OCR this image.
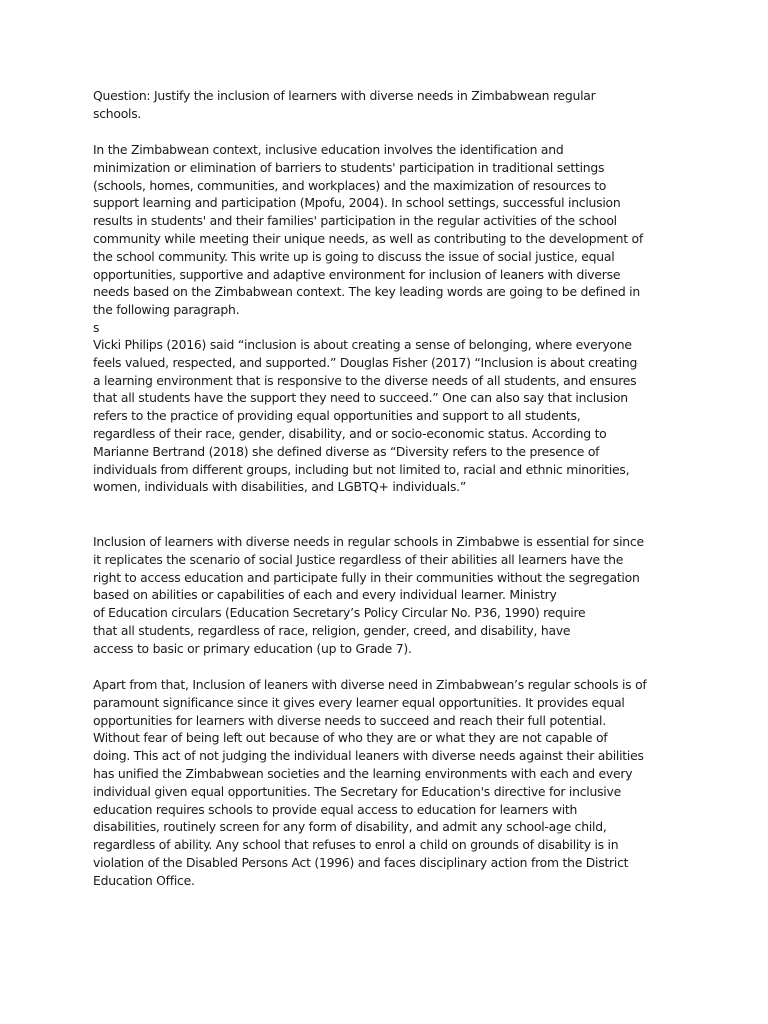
Question: Justify the inclusion of learners with diverse needs in Zimbabwean regular
schools.
In the Zimbabwean context, inclusive education involves the identification and
minimization or elimination of barriers to students' participation in traditional settings
(schools, homes, communities, and workplaces) and the maximization of resources to
support learning and participation (Mpofu, 2004). In school settings, successful inclusion
results in students' and their families' participation in the regular activities of the school
community while meeting their unique needs, as well as contributing to the development of
the school community. This write up is going to discuss the issue of social justice, equal
opportunities, supportive and adaptive environment for inclusion of leaners with diverse
needs based on the Zimbabwean context. The key leading words are going to be defined in
the following paragraph.
s
Vicki Philips (2016) said “inclusion is about creating a sense of belonging, where everyone
feels valued, respected, and supported.” Douglas Fisher (2017) “Inclusion is about creating
a learning environment that is responsive to the diverse needs of all students, and ensures
that all students have the support they need to succeed.” One can also say that inclusion
refers to the practice of providing equal opportunities and support to all students,
regardless of their race, gender, disability, and or socio-economic status. According to
Marianne Bertrand (2018) she defined diverse as “Diversity refers to the presence of
individuals from different groups, including but not limited to, racial and ethnic minorities,
women, individuals with disabilities, and LGBTQ+ individuals.”
Inclusion of learners with diverse needs in regular schools in Zimbabwe is essential for since
it replicates the scenario of social Justice regardless of their abilities all learners have the
right to access education and participate fully in their communities without the segregation
based on abilities or capabilities of each and every individual learner. Ministry
of Education circulars (Education Secretary’s Policy Circular No. P36, 1990) require
that all students, regardless of race, religion, gender, creed, and disability, have
access to basic or primary education (up to Grade 7).
Apart from that, Inclusion of leaners with diverse need in Zimbabwean’s regular schools is of
paramount significance since it gives every learner equal opportunities. It provides equal
opportunities for learners with diverse needs to succeed and reach their full potential.
Without fear of being left out because of who they are or what they are not capable of
doing. This act of not judging the individual leaners with diverse needs against their abilities
has unified the Zimbabwean societies and the learning environments with each and every
individual given equal opportunities. The Secretary for Education's directive for inclusive
education requires schools to provide equal access to education for learners with
disabilities, routinely screen for any form of disability, and admit any school-age child,
regardless of ability. Any school that refuses to enrol a child on grounds of disability is in
violation of the Disabled Persons Act (1996) and faces disciplinary action from the District
Education Office.
